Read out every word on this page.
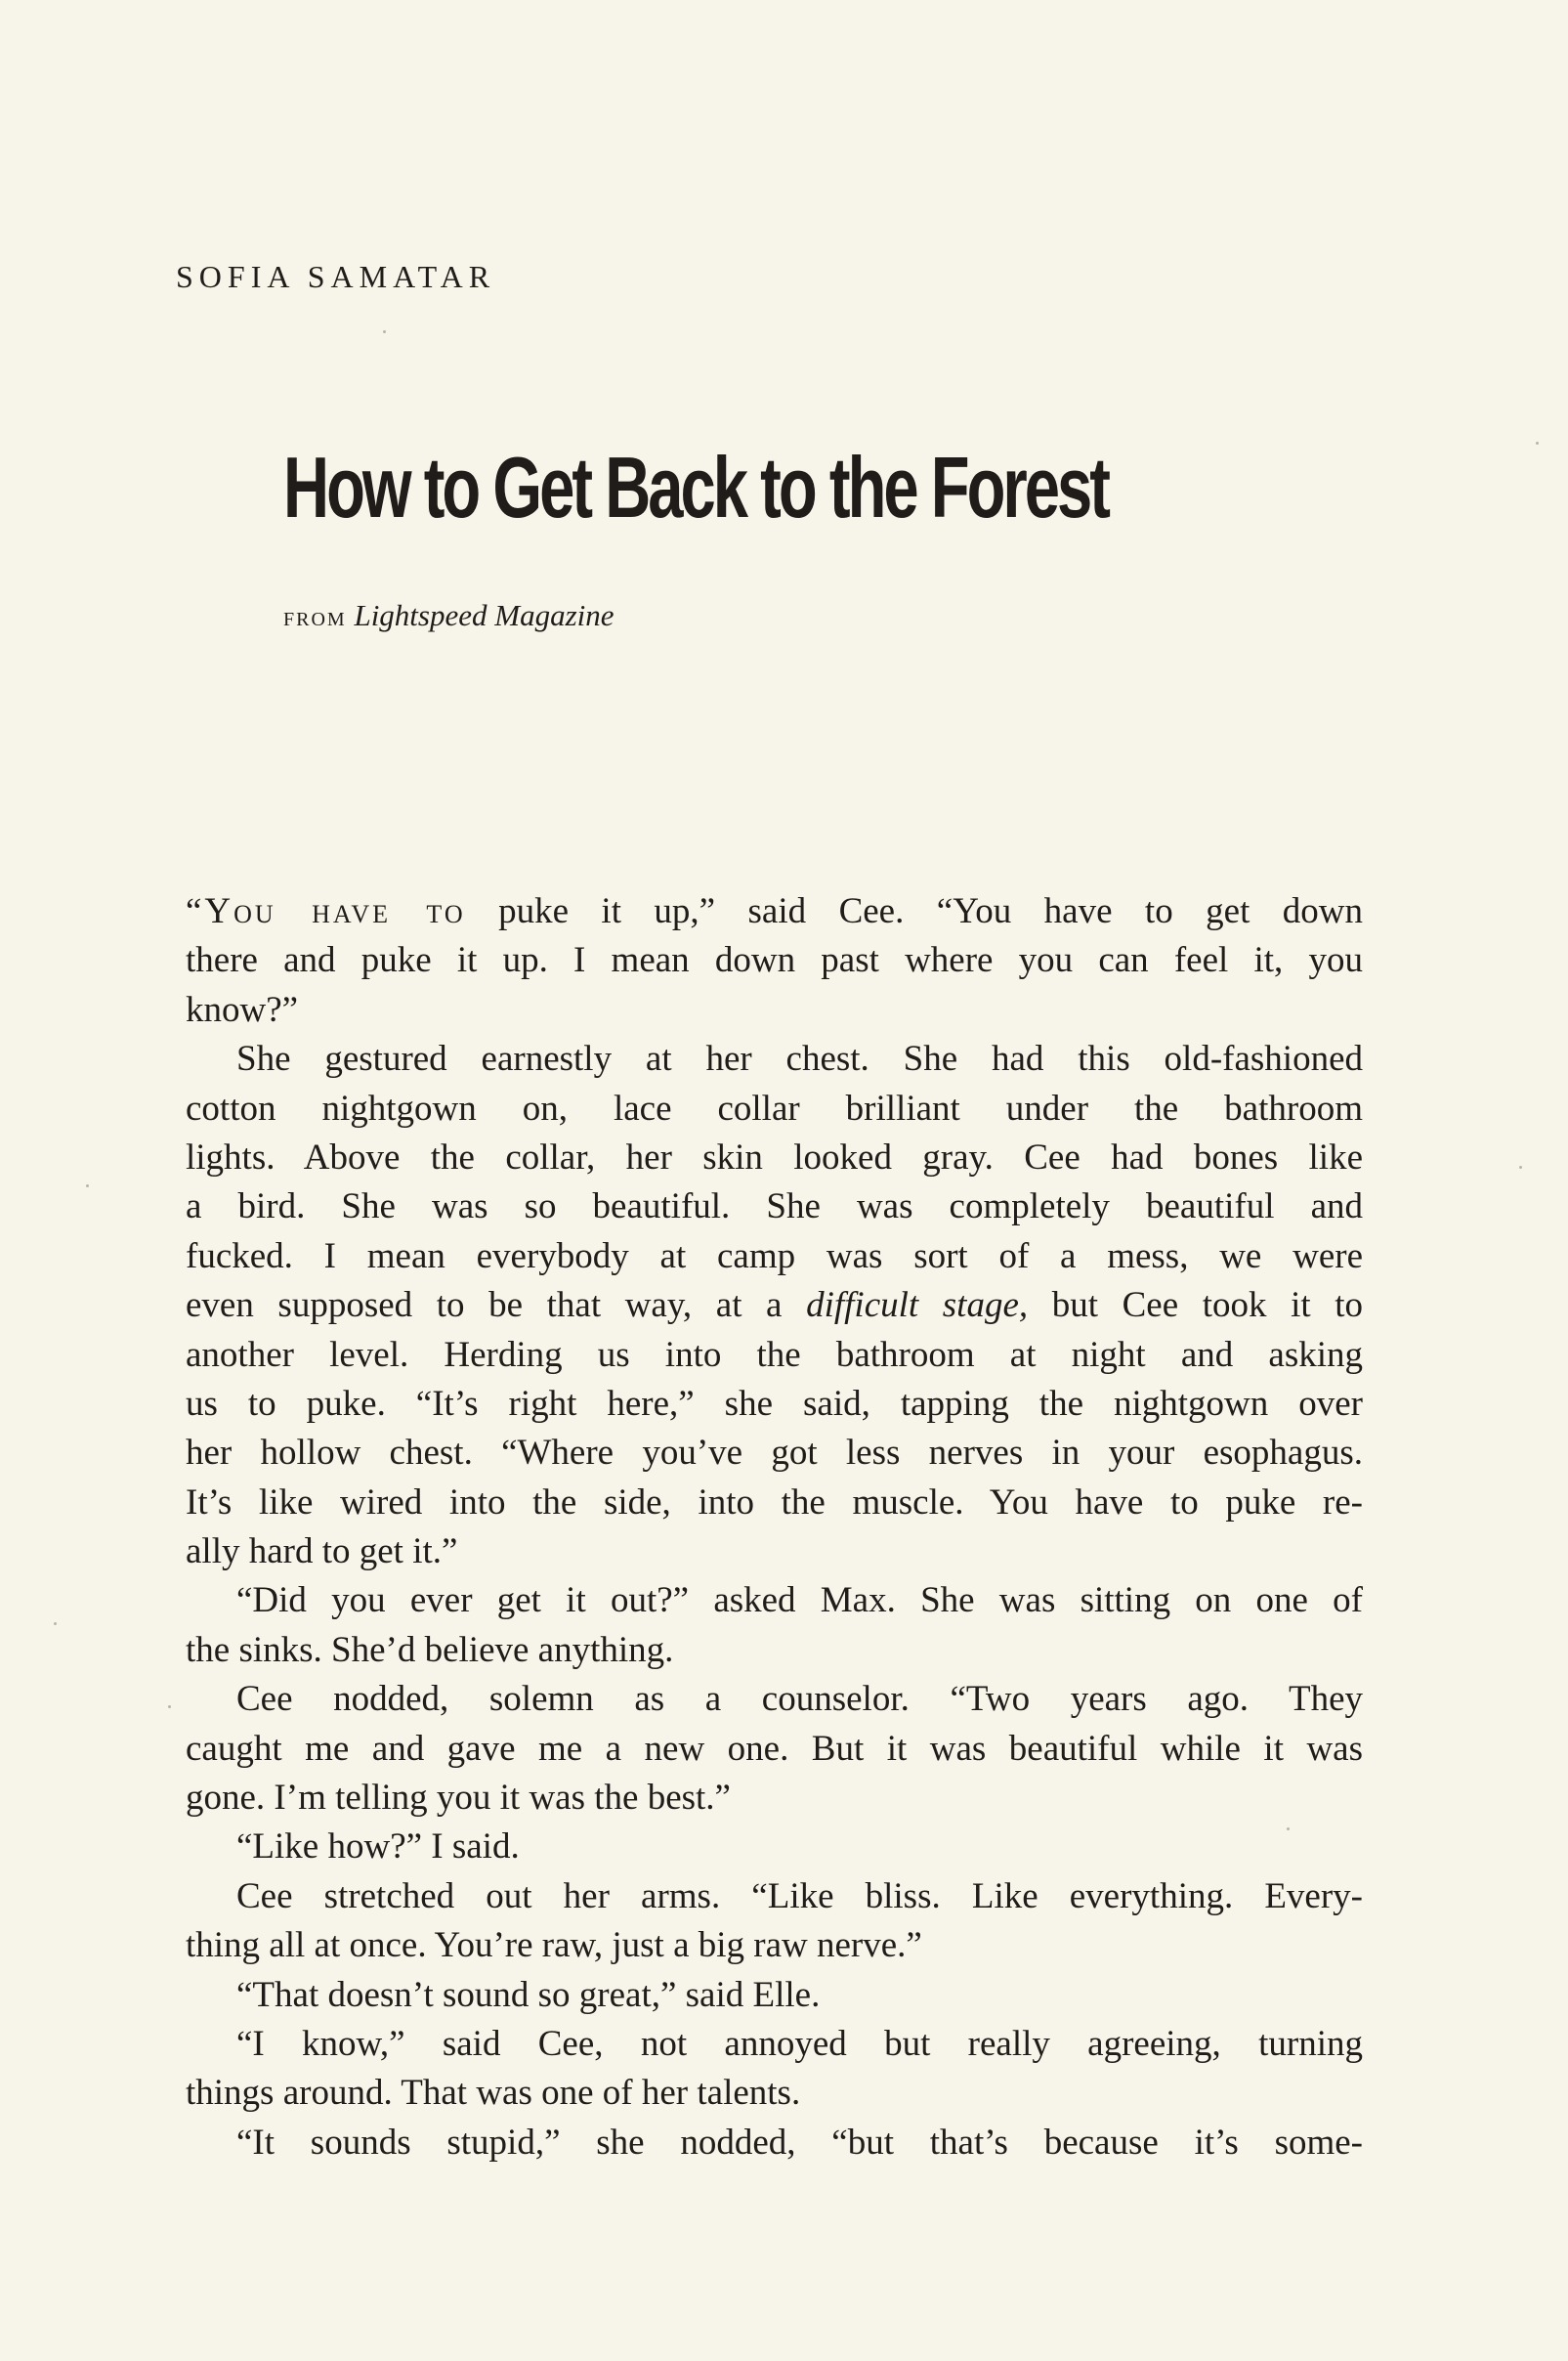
SOFIA SAMATAR
How to Get Back to the Forest
from Lightspeed Magazine
“You have to puke it up,” said Cee. “You have to get down
there and puke it up. I mean down past where you can feel it, you
know?”
She gestured earnestly at her chest. She had this old-fashioned
cotton nightgown on, lace collar brilliant under the bathroom
lights. Above the collar, her skin looked gray. Cee had bones like
a bird. She was so beautiful. She was completely beautiful and
fucked. I mean everybody at camp was sort of a mess, we were
even supposed to be that way, at a difficult stage, but Cee took it to
another level. Herding us into the bathroom at night and asking
us to puke. “It’s right here,” she said, tapping the nightgown over
her hollow chest. “Where you’ve got less nerves in your esophagus.
It’s like wired into the side, into the muscle. You have to puke re-
ally hard to get it.”
“Did you ever get it out?” asked Max. She was sitting on one of
the sinks. She’d believe anything.
Cee nodded, solemn as a counselor. “Two years ago. They
caught me and gave me a new one. But it was beautiful while it was
gone. I’m telling you it was the best.”
“Like how?” I said.
Cee stretched out her arms. “Like bliss. Like everything. Every-
thing all at once. You’re raw, just a big raw nerve.”
“That doesn’t sound so great,” said Elle.
“I know,” said Cee, not annoyed but really agreeing, turning
things around. That was one of her talents.
“It sounds stupid,” she nodded, “but that’s because it’s some-
